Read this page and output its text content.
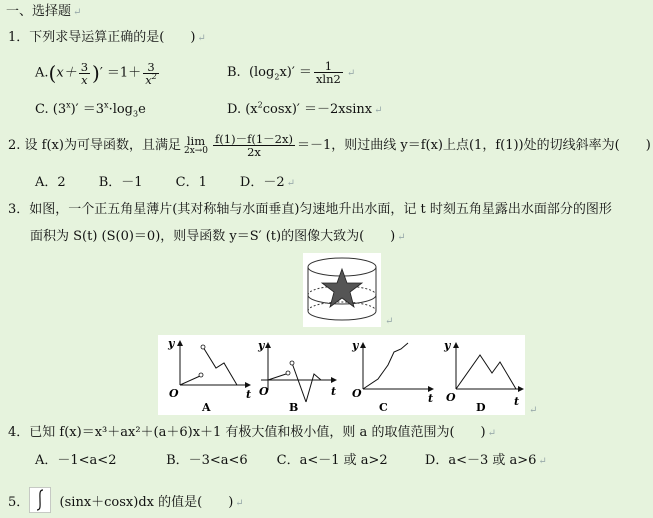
一、选择题 ↵
1．下列求导运算正确的是(　　) ↵
$A.(x+ \frac{3}{x}$ )′ $=1+ \frac{3}{x^2}$	B. $(\log_2x)' = \frac{1}{xln2}$ ↵
C. $(3^x)' =3^x\cdot\log_3e$	D. $(x^2\cos x)' =-2xsinx$ ↵
2. 设 f(x)为可导函数，且满足 lim
$2x\to 0 \frac{f(1)-f(1-2x)}{2x} =-1$，则过曲线 y＝f(x)上点(1，f(1))处的切线斜率为(　　)
A．2	B．－1	C．1	D．－2 ↵
3．如图，一个正五角星薄片(其对称轴与水面垂直)匀速地升出水面，记 t 时刻五角星露出水面部分的图形
面积为 S(t) (S(0)＝0)，则导函数 y＝S′ (t)的图像大致为(　　) ↵
↵
y
O	t
A
y
O	t
B
y
O	t
C
y
O	t
D	↵
4．已知 f(x)＝x³＋ax²＋(a＋6)x＋1 有极大值和极小值，则 a 的取值范围为(　　) ↵
A．－1<a<2	B．－3<a<6 C．a<－1 或 a>2	D．a<－3 或 a>6 ↵
5． (sinx＋cosx)dx 的值是(　　) ↵
